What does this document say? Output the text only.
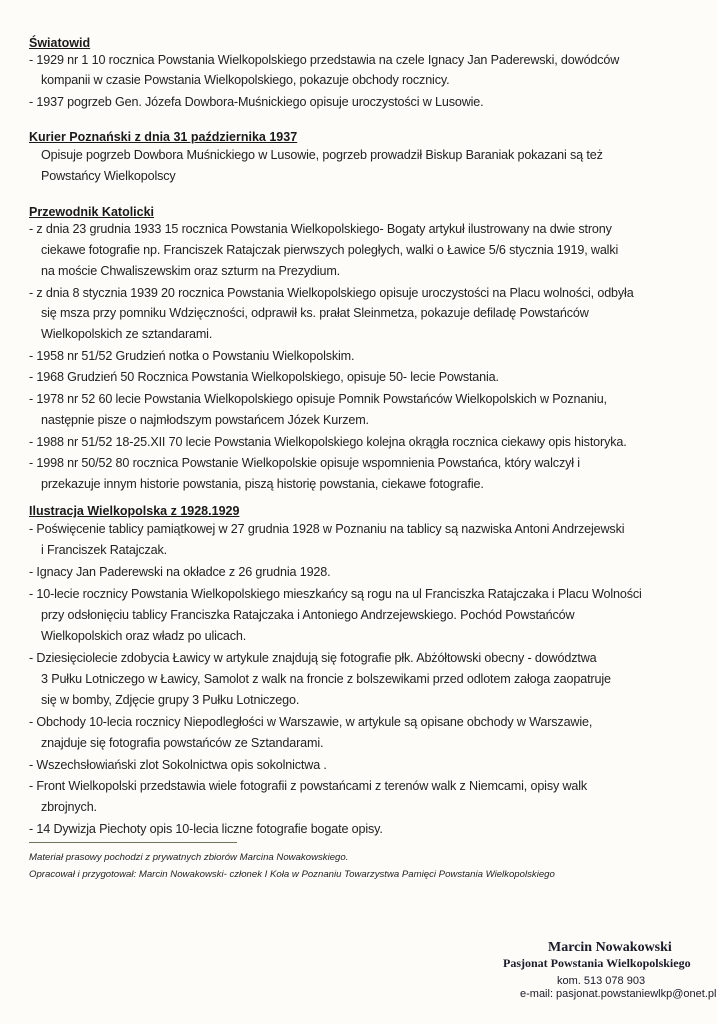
Światowid
- 1929 nr 1 10 rocznica Powstania Wielkopolskiego przedstawia na czele Ignacy Jan Paderewski, dowódców
kompanii w czasie Powstania Wielkopolskiego, pokazuje obchody rocznicy.
- 1937 pogrzeb Gen. Józefa Dowbora-Muśnickiego opisuje uroczystości w Lusowie.
Kurier Poznański z dnia 31 października 1937
Opisuje pogrzeb Dowbora Muśnickiego w Lusowie, pogrzeb prowadził Biskup Baraniak pokazani są też
Powstańcy Wielkopolscy
Przewodnik Katolicki
- z dnia 23 grudnia 1933 15 rocznica Powstania Wielkopolskiego- Bogaty artykuł ilustrowany na dwie strony
ciekawe fotografie np. Franciszek Ratajczak pierwszych poległych, walki o Ławice 5/6 stycznia 1919, walki
na moście Chwaliszewskim oraz szturm na Prezydium.
- z dnia 8 stycznia 1939 20 rocznica Powstania Wielkopolskiego opisuje uroczystości na Placu wolności, odbyła
się msza przy pomniku Wdzięczności, odprawił ks. prałat Sleinmetza, pokazuje defiladę Powstańców
Wielkopolskich ze sztandarami.
- 1958 nr 51/52 Grudzień notka o Powstaniu Wielkopolskim.
- 1968 Grudzień 50 Rocznica Powstania Wielkopolskiego, opisuje 50- lecie Powstania.
- 1978 nr 52 60 lecie Powstania Wielkopolskiego opisuje Pomnik Powstańców Wielkopolskich w Poznaniu,
następnie pisze o najmłodszym powstańcem Józek Kurzem.
- 1988 nr 51/52 18-25.XII 70 lecie Powstania Wielkopolskiego kolejna okrągła rocznica ciekawy opis historyka.
- 1998 nr 50/52 80 rocznica Powstanie Wielkopolskie opisuje wspomnienia Powstańca, który walczył i
przekazuje innym historie powstania, piszą historię powstania, ciekawe fotografie.
Ilustracja Wielkopolska z 1928.1929
- Poświęcenie tablicy pamiątkowej w 27 grudnia 1928 w Poznaniu na tablicy są nazwiska Antoni Andrzejewski
i Franciszek Ratajczak.
- Ignacy Jan Paderewski na okładce z 26 grudnia 1928.
- 10-lecie rocznicy Powstania Wielkopolskiego mieszkańcy są rogu na ul Franciszka Ratajczaka i Placu Wolności
przy odsłonięciu tablicy Franciszka Ratajczaka i Antoniego Andrzejewskiego. Pochód Powstańców
Wielkopolskich oraz władz po ulicach.
- Dziesięciolecie zdobycia Ławicy w artykule znajdują się fotografie płk. Abżółtowski obecny - dowództwa
3 Pułku Lotniczego w Ławicy, Samolot z walk na froncie z bolszewikami przed odlotem załoga zaopatruje
się w bomby, Zdjęcie grupy 3 Pułku Lotniczego.
- Obchody 10-lecia rocznicy Niepodległości w Warszawie, w artykule są opisane obchody w Warszawie,
znajduje się fotografia powstańców ze Sztandarami.
- Wszechsłowiański zlot Sokolnictwa opis sokolnictwa .
- Front Wielkopolski przedstawia wiele fotografii z powstańcami z terenów walk z Niemcami, opisy walk
zbrojnych.
- 14 Dywizja Piechoty opis 10-lecia liczne fotografie bogate opisy.
Materiał prasowy pochodzi z prywatnych zbiorów Marcina Nowakowskiego.
Opracował i przygotował: Marcin Nowakowski- członek I Koła w Poznaniu Towarzystwa Pamięci Powstania Wielkopolskiego
Marcin Nowakowski
Pasjonat Powstania Wielkopolskiego
kom. 513 078 903
e-mail: pasjonat.powstaniewlkp@onet.pl
